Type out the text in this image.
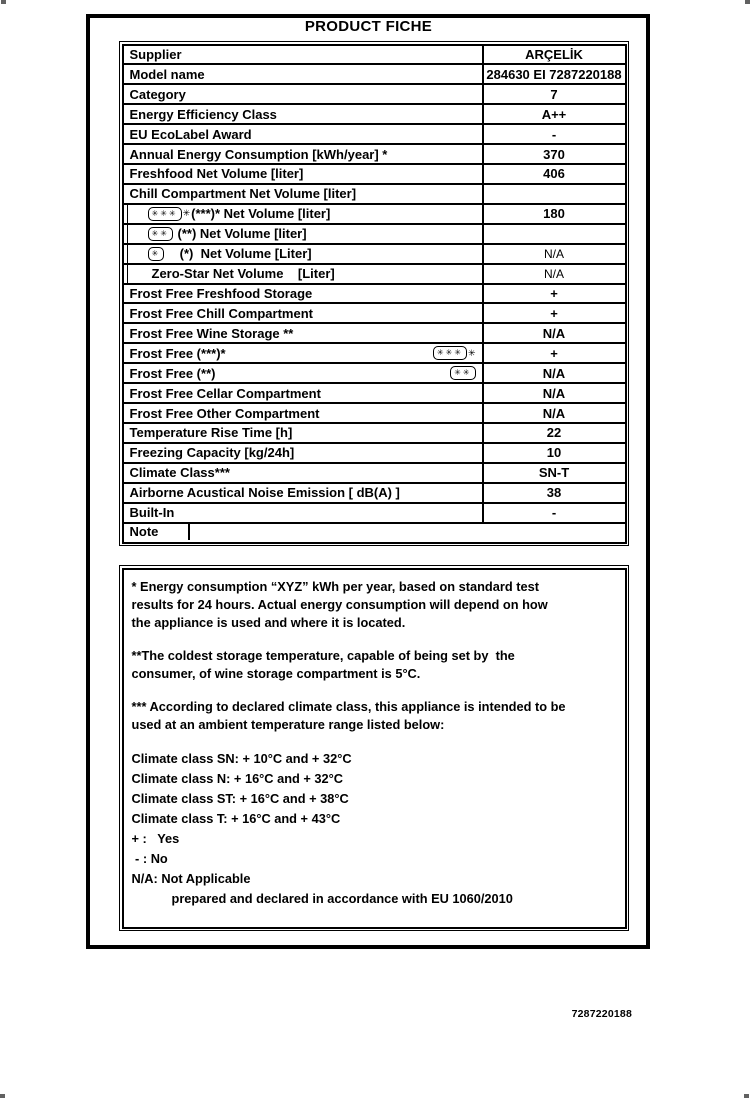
PRODUCT FICHE
Supplier	ARÇELİK
Model name	284630 EI 7287220188
Category	7
Energy Efficiency Class	A++
EU EcoLabel Award	-
Annual Energy Consumption [kWh/year] *	370
Freshfood Net Volume [liter]	406
Chill Compartment Net Volume [liter]
✳✳✳ ✳ (***)* Net Volume [liter]	180
✳✳ (**) Net Volume [liter]
✳ (*)  Net Volume [Liter]	N/A
Zero-Star Net Volume    [Liter]	N/A
Frost Free Freshfood Storage	+
Frost Free Chill Compartment	+
Frost Free Wine Storage **	N/A
Frost Free (***)*	✳✳✳ ✳	+
Frost Free (**)	✳✳	N/A
Frost Free Cellar Compartment	N/A
Frost Free Other Compartment	N/A
Temperature Rise Time [h]	22
Freezing Capacity [kg/24h]	10
Climate Class***	SN-T
Airborne Acustical Noise Emission [ dB(A) ]	38
Built-In	-
Note
* Energy consumption “XYZ” kWh per year, based on standard test
results for 24 hours. Actual energy consumption will depend on how
the appliance is used and where it is located.
**The coldest storage temperature, capable of being set by  the
consumer, of wine storage compartment is 5°C.
*** According to declared climate class, this appliance is intended to be
used at an ambient temperature range listed below:
Climate class SN: + 10°C and + 32°C
Climate class N: + 16°C and + 32°C
Climate class ST: + 16°C and + 38°C
Climate class T: + 16°C and + 43°C
+ :   Yes
- : No
N/A: Not Applicable
prepared and declared in accordance with EU 1060/2010
7287220188
